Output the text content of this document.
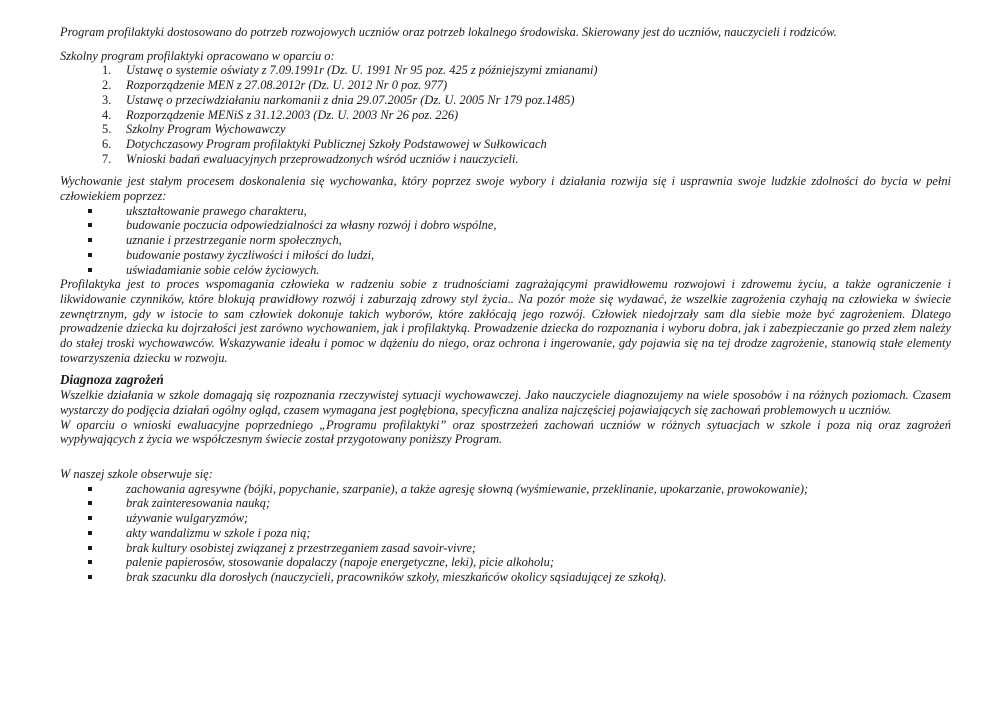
Program profilaktyki dostosowano do potrzeb rozwojowych uczniów oraz potrzeb lokalnego środowiska. Skierowany jest do uczniów, nauczycieli i rodziców.

Szkolny program profilaktyki opracowano w oparciu o:

1.	Ustawę o systemie oświaty z 7.09.1991r (Dz. U. 1991 Nr 95 poz. 425 z późniejszymi zmianami)
2.	Rozporządzenie MEN z 27.08.2012r (Dz. U. 2012 Nr 0 poz. 977)
3.	Ustawę o przeciwdziałaniu narkomanii z dnia 29.07.2005r (Dz. U. 2005 Nr 179 poz.1485)
4.	Rozporządzenie MENiS z 31.12.2003 (Dz. U. 2003 Nr 26 poz. 226)
5.	Szkolny Program Wychowawczy
6.	Dotychczasowy Program profilaktyki Publicznej Szkoły Podstawowej w Sułkowicach
7.	Wnioski badań ewaluacyjnych przeprowadzonych wśród uczniów i nauczycieli.

Wychowanie jest stałym procesem doskonalenia się wychowanka, który poprzez swoje wybory i działania rozwija się i usprawnia swoje ludzkie zdolności do bycia w pełni człowiekiem poprzez:

ukształtowanie prawego charakteru,
budowanie poczucia odpowiedzialności za własny rozwój i dobro wspólne,
uznanie i przestrzeganie norm społecznych,
budowanie postawy życzliwości i miłości do ludzi,
uświadamianie sobie celów życiowych.

Profilaktyka jest to proces wspomagania człowieka w radzeniu sobie z trudnościami zagrażającymi prawidłowemu rozwojowi i zdrowemu życiu, a także ograniczenie i likwidowanie czynników, które blokują prawidłowy rozwój i zaburzają zdrowy styl życia.. Na pozór może się wydawać, że wszelkie zagrożenia czyhają na człowieka w świecie zewnętrznym, gdy w istocie to sam człowiek dokonuje takich wyborów, które zakłócają jego rozwój. Człowiek niedojrzały sam dla siebie może być zagrożeniem. Dlatego prowadzenie dziecka ku dojrzałości jest zarówno wychowaniem, jak i profilaktyką. Prowadzenie dziecka do rozpoznania i wyboru dobra, jak i zabezpieczanie go przed złem należy do stałej troski wychowawców. Wskazywanie ideału i pomoc w dążeniu do niego, oraz ochrona i ingerowanie, gdy pojawia się na tej drodze zagrożenie, stanowią stałe elementy towarzyszenia dziecku w rozwoju.

Diagnoza zagrożeń

Wszelkie działania w szkole domagają się rozpoznania rzeczywistej sytuacji wychowawczej. Jako nauczyciele diagnozujemy na wiele sposobów i na różnych poziomach. Czasem wystarczy do podjęcia działań ogólny ogląd, czasem wymagana jest pogłębiona, specyficzna analiza najczęściej pojawiających się zachowań problemowych u uczniów.

W oparciu o wnioski ewaluacyjne poprzedniego „Programu profilaktyki” oraz spostrzeżeń zachowań uczniów w różnych sytuacjach w szkole i poza nią oraz zagrożeń wypływających z życia we współczesnym świecie został przygotowany poniższy Program.

W naszej szkole obserwuje się:

zachowania agresywne (bójki, popychanie, szarpanie), a także agresję słowną (wyśmiewanie, przeklinanie, upokarzanie, prowokowanie);
brak zainteresowania nauką;
używanie wulgaryzmów;
akty wandalizmu w szkole i poza nią;
brak kultury osobistej związanej z przestrzeganiem zasad savoir-vivre;
palenie papierosów, stosowanie dopalaczy (napoje energetyczne, leki), picie alkoholu;
brak szacunku dla dorosłych (nauczycieli, pracowników szkoły, mieszkańców okolicy sąsiadującej ze szkołą).
